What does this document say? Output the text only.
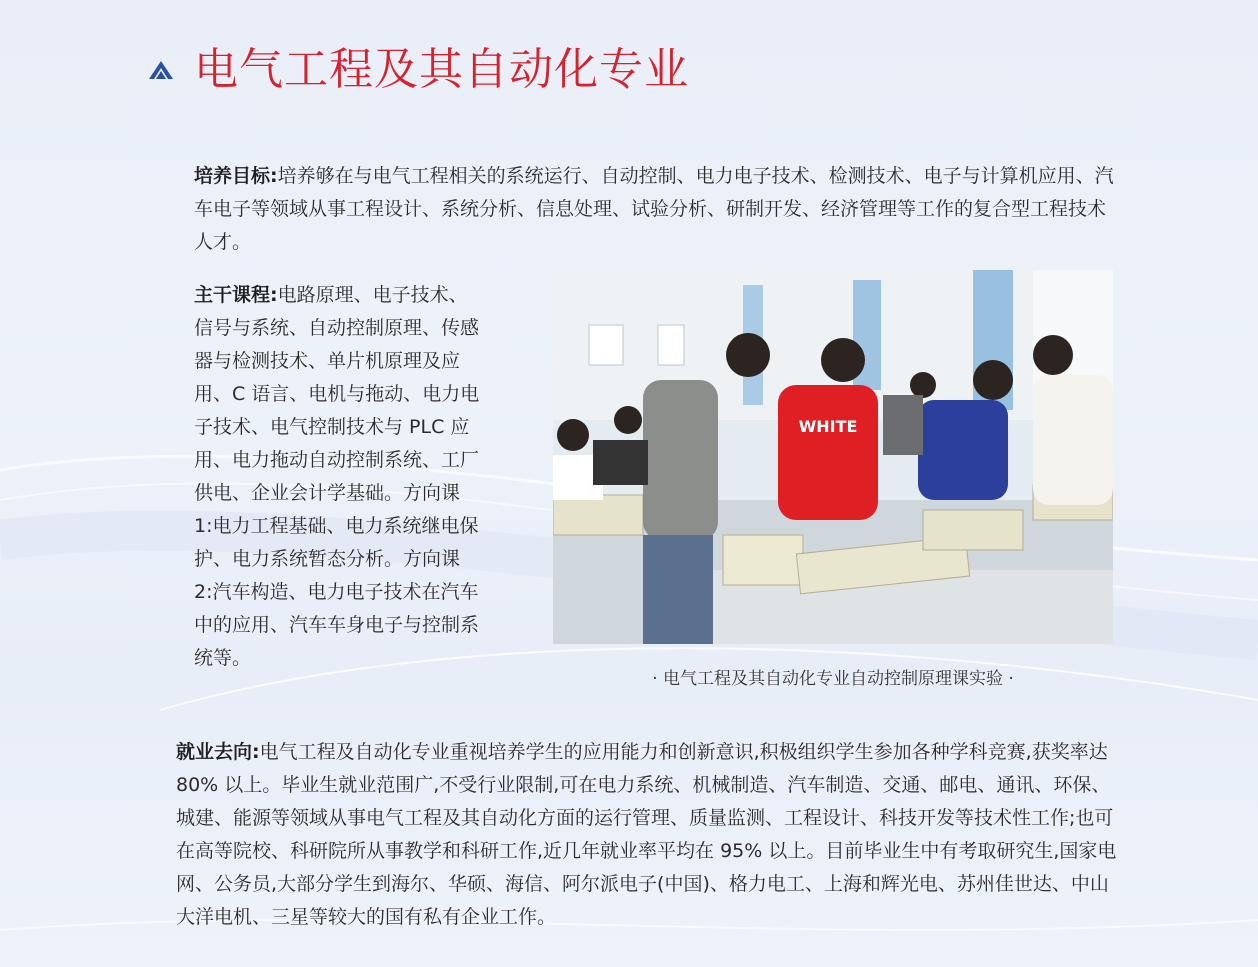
电气工程及其自动化专业
培养目标:培养够在与电气工程相关的系统运行、自动控制、电力电子技术、检测技术、电子与计算机应用、汽车电子等领域从事工程设计、系统分析、信息处理、试验分析、研制开发、经济管理等工作的复合型工程技术人才。
主干课程:电路原理、电子技术、信号与系统、自动控制原理、传感器与检测技术、单片机原理及应用、C 语言、电机与拖动、电力电子技术、电气控制技术与 PLC 应用、电力拖动自动控制系统、工厂供电、企业会计学基础。方向课 1:电力工程基础、电力系统继电保护、电力系统暂态分析。方向课 2:汽车构造、电力电子技术在汽车中的应用、汽车车身电子与控制系统等。
WHITE
· 电气工程及其自动化专业自动控制原理课实验 ·
就业去向:电气工程及自动化专业重视培养学生的应用能力和创新意识,积极组织学生参加各种学科竞赛,获奖率达 80% 以上。毕业生就业范围广,不受行业限制,可在电力系统、机械制造、汽车制造、交通、邮电、通讯、环保、城建、能源等领域从事电气工程及其自动化方面的运行管理、质量监测、工程设计、科技开发等技术性工作;也可在高等院校、科研院所从事教学和科研工作,近几年就业率平均在 95% 以上。目前毕业生中有考取研究生,国家电网、公务员,大部分学生到海尔、华硕、海信、阿尔派电子(中国)、格力电工、上海和辉光电、苏州佳世达、中山大洋电机、三星等较大的国有私有企业工作。
